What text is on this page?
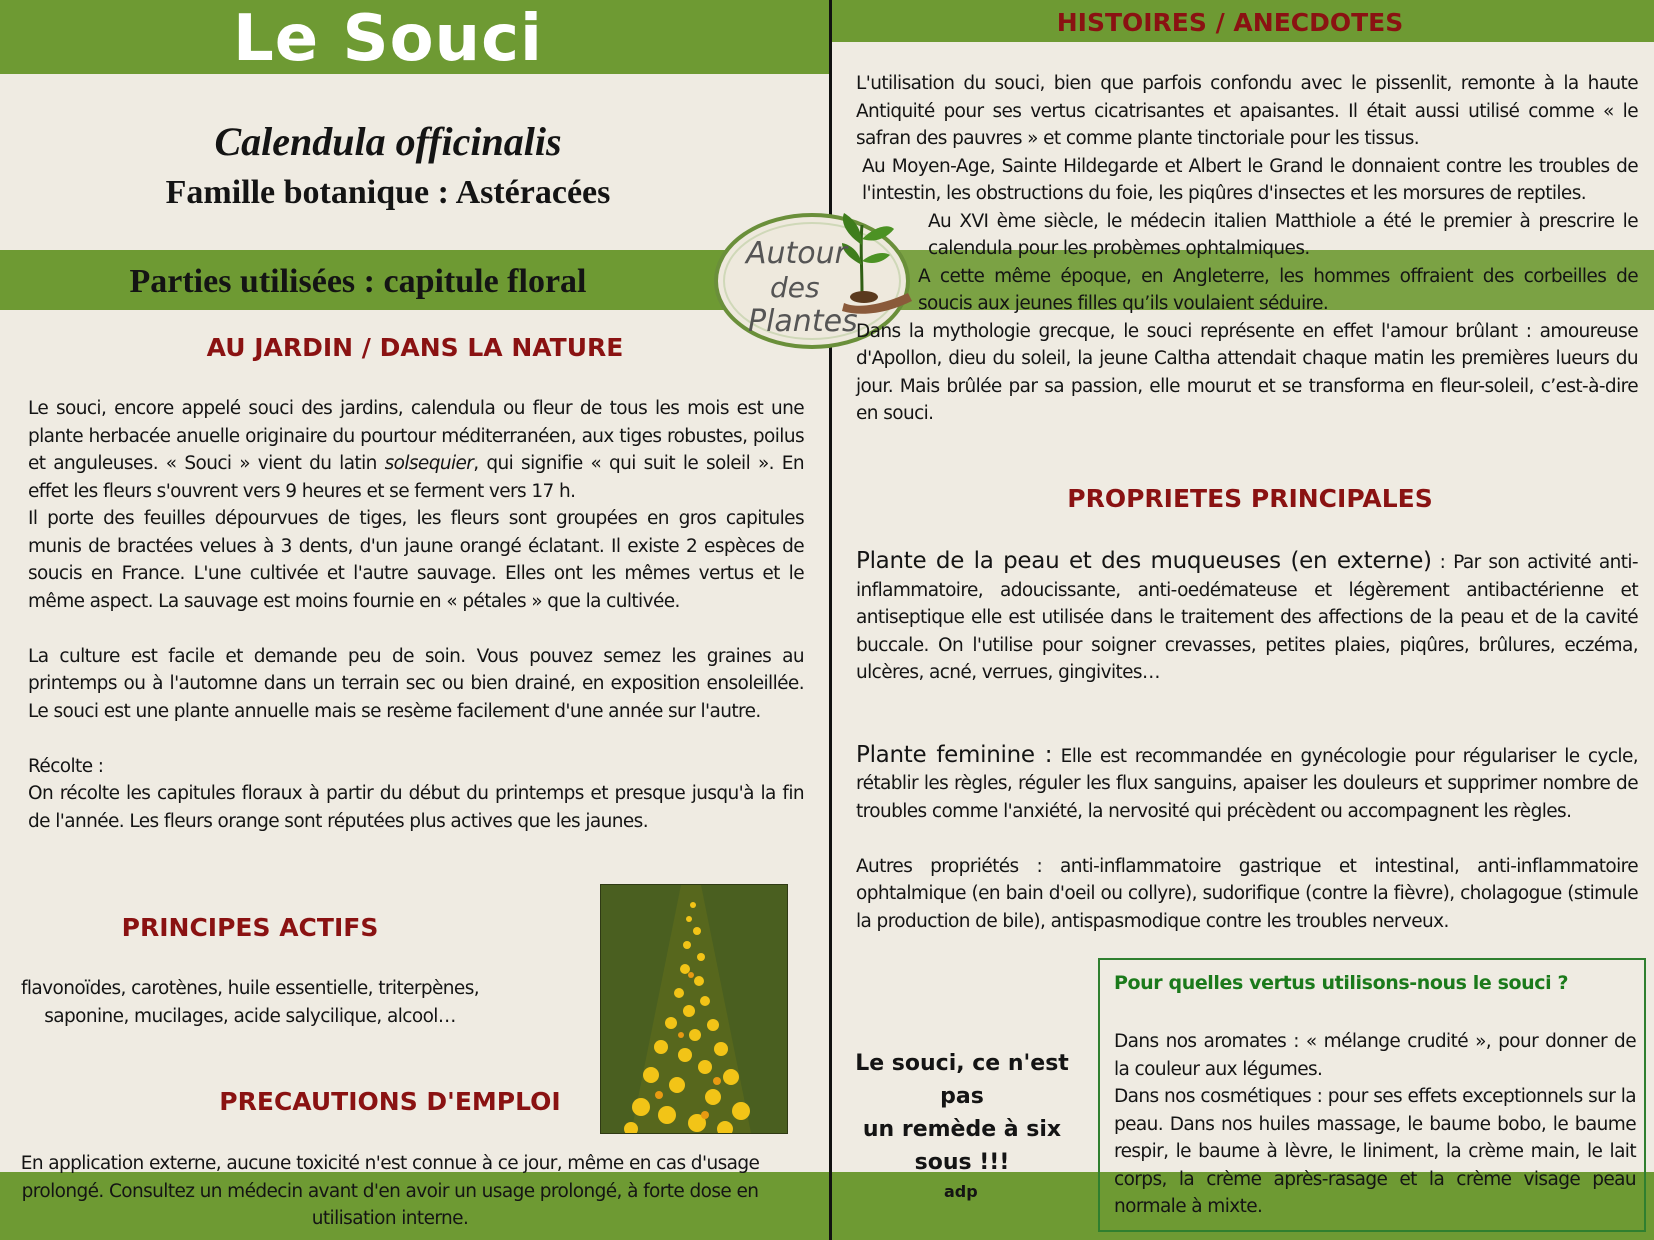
Le Souci
Calendula officinalis
Famille botanique : Astéracées
Parties utilisées : capitule floral
Autour
des
Plantes
AU JARDIN / DANS LA NATURE

Le souci, encore appelé souci des jardins, calendula ou fleur de tous les mois est une plante herbacée anuelle originaire du pourtour méditerranéen, aux tiges robustes, poilus et anguleuses. « Souci » vient du latin solsequier, qui signifie « qui suit le soleil ». En effet les fleurs s'ouvrent vers 9 heures et se ferment vers 17 h.

Il porte des feuilles dépourvues de tiges, les fleurs sont groupées en gros capitules munis de bractées velues à 3 dents, d'un jaune orangé éclatant. Il existe 2 espèces de soucis en France. L'une cultivée et l'autre sauvage. Elles ont les mêmes vertus et le même aspect. La sauvage est moins fournie en « pétales » que la cultivée.

La culture est facile et demande peu de soin. Vous pouvez semez les graines au printemps ou à l'automne dans un terrain sec ou bien drainé, en exposition ensoleillée. Le souci est une plante annuelle mais se resème facilement d'une année sur l'autre.

Récolte :

On récolte les capitules floraux à partir du début du printemps et presque jusqu'à la fin de l'année. Les fleurs orange sont réputées plus actives que les jaunes.

PRINCIPES ACTIFS
flavonoïdes, carotènes, huile essentielle, triterpènes,
saponine, mucilages, acide salycilique, alcool…
PRECAUTIONS D'EMPLOI
En application externe, aucune toxicité n'est connue à ce jour, même en cas d'usage prolongé. Consultez un médecin avant d'en avoir un usage prolongé, à forte dose en utilisation interne.
HISTOIRES / ANECDOTES

L'utilisation du souci, bien que parfois confondu avec le pissenlit, remonte à la haute Antiquité pour ses vertus cicatrisantes et apaisantes. Il était aussi utilisé comme « le safran des pauvres » et comme plante tinctoriale pour les tissus.

Au Moyen-Age, Sainte Hildegarde et Albert le Grand le donnaient contre les troubles de l'intestin, les obstructions du foie, les piqûres d'insectes et les morsures de reptiles.

Au XVI ème siècle, le médecin italien Matthiole a été le premier à prescrire le calendula pour les probèmes ophtalmiques.

A cette même époque, en Angleterre, les hommes offraient des corbeilles de soucis aux jeunes filles qu’ils voulaient séduire.

Dans la mythologie grecque, le souci représente en effet l'amour brûlant : amoureuse d'Apollon, dieu du soleil, la jeune Caltha attendait chaque matin les premières lueurs du jour. Mais brûlée par sa passion, elle mourut et se transforma en fleur-soleil, c’est-à-dire en souci.

PROPRIETES PRINCIPALES

Plante de la peau et des muqueuses (en externe) : Par son activité anti-inflammatoire, adoucissante, anti-oedémateuse et légèrement antibactérienne et antiseptique elle est utilisée dans le traitement des affections de la peau et de la cavité buccale. On l'utilise pour soigner crevasses, petites plaies, piqûres, brûlures, eczéma, ulcères, acné, verrues, gingivites…

Plante feminine : Elle est recommandée en gynécologie pour régulariser le cycle, rétablir les règles, réguler les flux sanguins, apaiser les douleurs et supprimer nombre de troubles comme l'anxiété, la nervosité qui précèdent ou accompagnent les règles.

Autres propriétés : anti-inflammatoire gastrique et intestinal, anti-inflammatoire ophtalmique (en bain d'oeil ou collyre), sudorifique (contre la fièvre), cholagogue (stimule la production de bile), antispasmodique contre les troubles nerveux.

Le souci, ce n'est pas
un remède à six
sous !!!
Pour quelles vertus utilisons-nous le souci ?

Dans nos aromates : « mélange crudité », pour donner de la couleur aux légumes.

Dans nos cosmétiques : pour ses effets exceptionnels sur la peau. Dans nos huiles massage, le baume bobo, le baume respir, le baume à lèvre, le liniment, la crème main, le lait corps, la crème après-rasage et la crème visage peau normale à mixte.

adp
